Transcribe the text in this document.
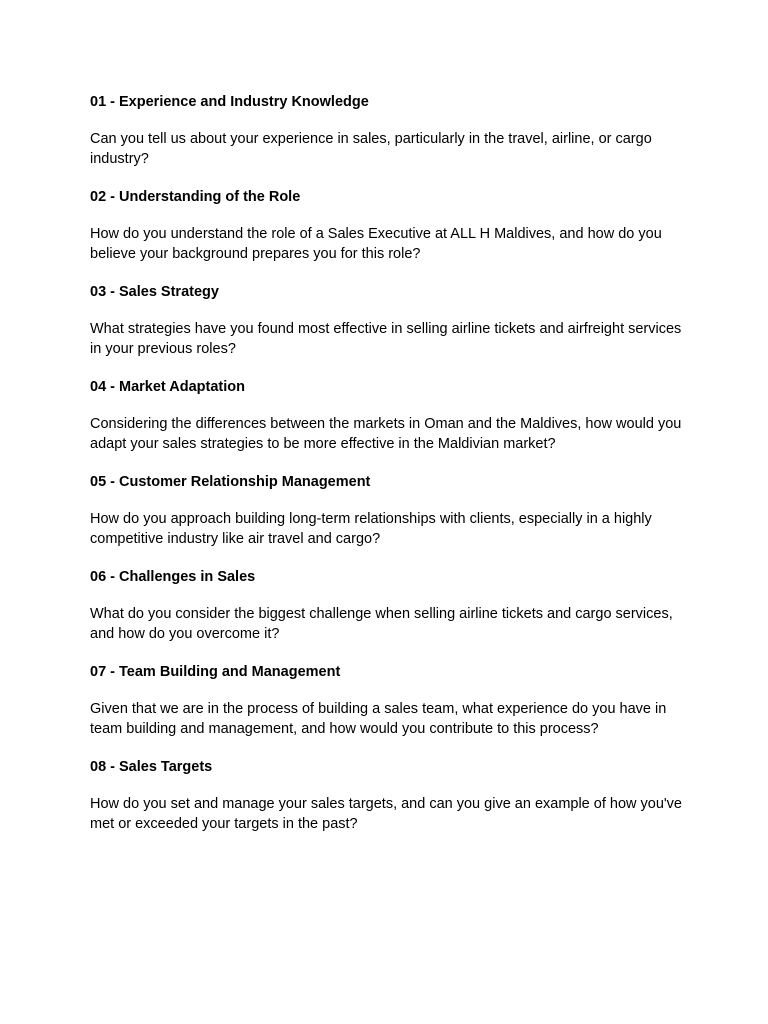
01 - Experience and Industry Knowledge

Can you tell us about your experience in sales, particularly in the travel, airline, or cargo industry?

02 - Understanding of the Role

How do you understand the role of a Sales Executive at ALL H Maldives, and how do you believe your background prepares you for this role?

03 - Sales Strategy

What strategies have you found most effective in selling airline tickets and airfreight services in your previous roles?

04 - Market Adaptation

Considering the differences between the markets in Oman and the Maldives, how would you adapt your sales strategies to be more effective in the Maldivian market?

05 - Customer Relationship Management

How do you approach building long-term relationships with clients, especially in a highly competitive industry like air travel and cargo?

06 - Challenges in Sales

What do you consider the biggest challenge when selling airline tickets and cargo services, and how do you overcome it?

07 - Team Building and Management

Given that we are in the process of building a sales team, what experience do you have in team building and management, and how would you contribute to this process?

08 - Sales Targets

How do you set and manage your sales targets, and can you give an example of how you've met or exceeded your targets in the past?
